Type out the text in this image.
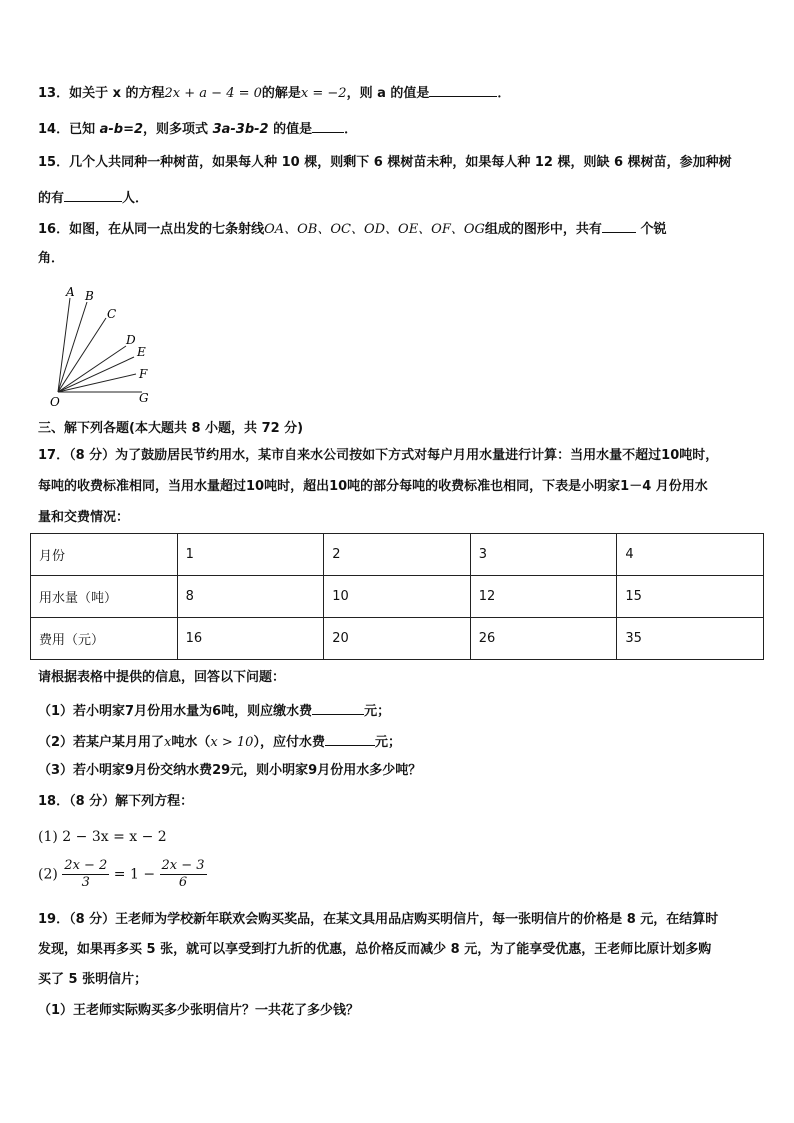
13．如关于 x 的方程2x + a − 4 = 0的解是x = −2，则 a 的值是	．
14．已知 a-b=2，则多项式 3a-3b-2 的值是 ．
15．几个人共同种一种树苗，如果每人种 10 棵，则剩下 6 棵树苗未种，如果每人种 12 棵，则缺 6 棵树苗，参加种树
的有	人．
16．如图，在从同一点出发的七条射线OA、OB、OC、OD、OE、OF、OG组成的图形中，共有	个锐
角．
A B
C
D
E
F
G
O
三、解下列各题(本大题共 8 小题，共 72 分)
17．（8 分）为了鼓励居民节约用水，某市自来水公司按如下方式对每户月用水量进行计算：当用水量不超过10吨时，
每吨的收费标准相同，当用水量超过10吨时，超出10吨的部分每吨的收费标准也相同，下表是小明家1－4 月份用水
量和交费情况：
月份	1	2	3	4
用水量（吨）	8	10	12	15
费用（元）	16	20	26	35
请根据表格中提供的信息，回答以下问题：
（1）若小明家7月份用水量为6吨，则应缴水费	元；
（2）若某户某月用了x吨水（x > 10），应付水费	元；
（3）若小明家9月份交纳水费29元，则小明家9月份用水多少吨？
18．（8 分）解下列方程：
(1) 2 − 3x = x − 2
$(2) \frac{2x - 2}{3} = 1 - \frac{2x - 3}{6}$
19．（8 分）王老师为学校新年联欢会购买奖品，在某文具用品店购买明信片，每一张明信片的价格是 8 元，在结算时
发现，如果再多买 5 张，就可以享受到打九折的优惠，总价格反而减少 8 元，为了能享受优惠，王老师比原计划多购
买了 5 张明信片；
（1）王老师实际购买多少张明信片？一共花了多少钱？
